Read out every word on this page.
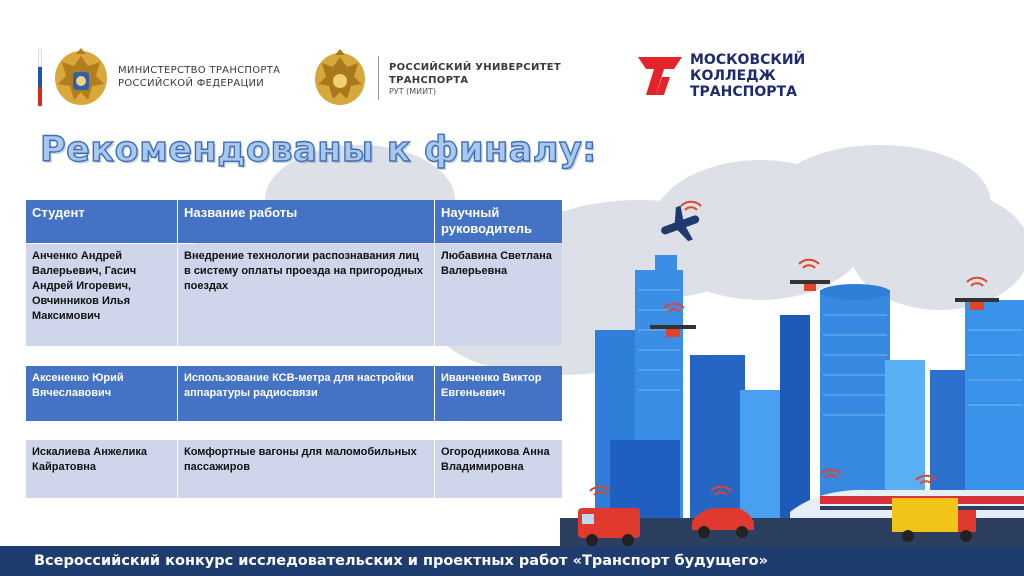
МИНИСТЕРСТВО ТРАНСПОРТА
РОССИЙСКОЙ ФЕДЕРАЦИИ
РОССИЙСКИЙ УНИВЕРСИТЕТ
ТРАНСПОРТА
РУТ (МИИТ)
МОСКОВСКИЙ
КОЛЛЕДЖ
ТРАНСПОРТА
Рекомендованы к финалу:
Студент	Название работы	Научный руководитель
Анченко Андрей Валерьевич, Гасич Андрей Игоревич, Овчинников Илья Максимович
Внедрение технологии распознавания лиц в систему оплаты проезда на пригородных поездах
Любавина Светлана Валерьевна
Аксененко Юрий Вячеславович
Использование КСВ-метра для настройки аппаратуры радиосвязи
Иванченко Виктор Евгеньевич
Искалиева Анжелика Кайратовна
Комфортные вагоны для маломобильных пассажиров
Огородникова Анна Владимировна
Всероссийский конкурс исследовательских и проектных работ «Транспорт будущего»
